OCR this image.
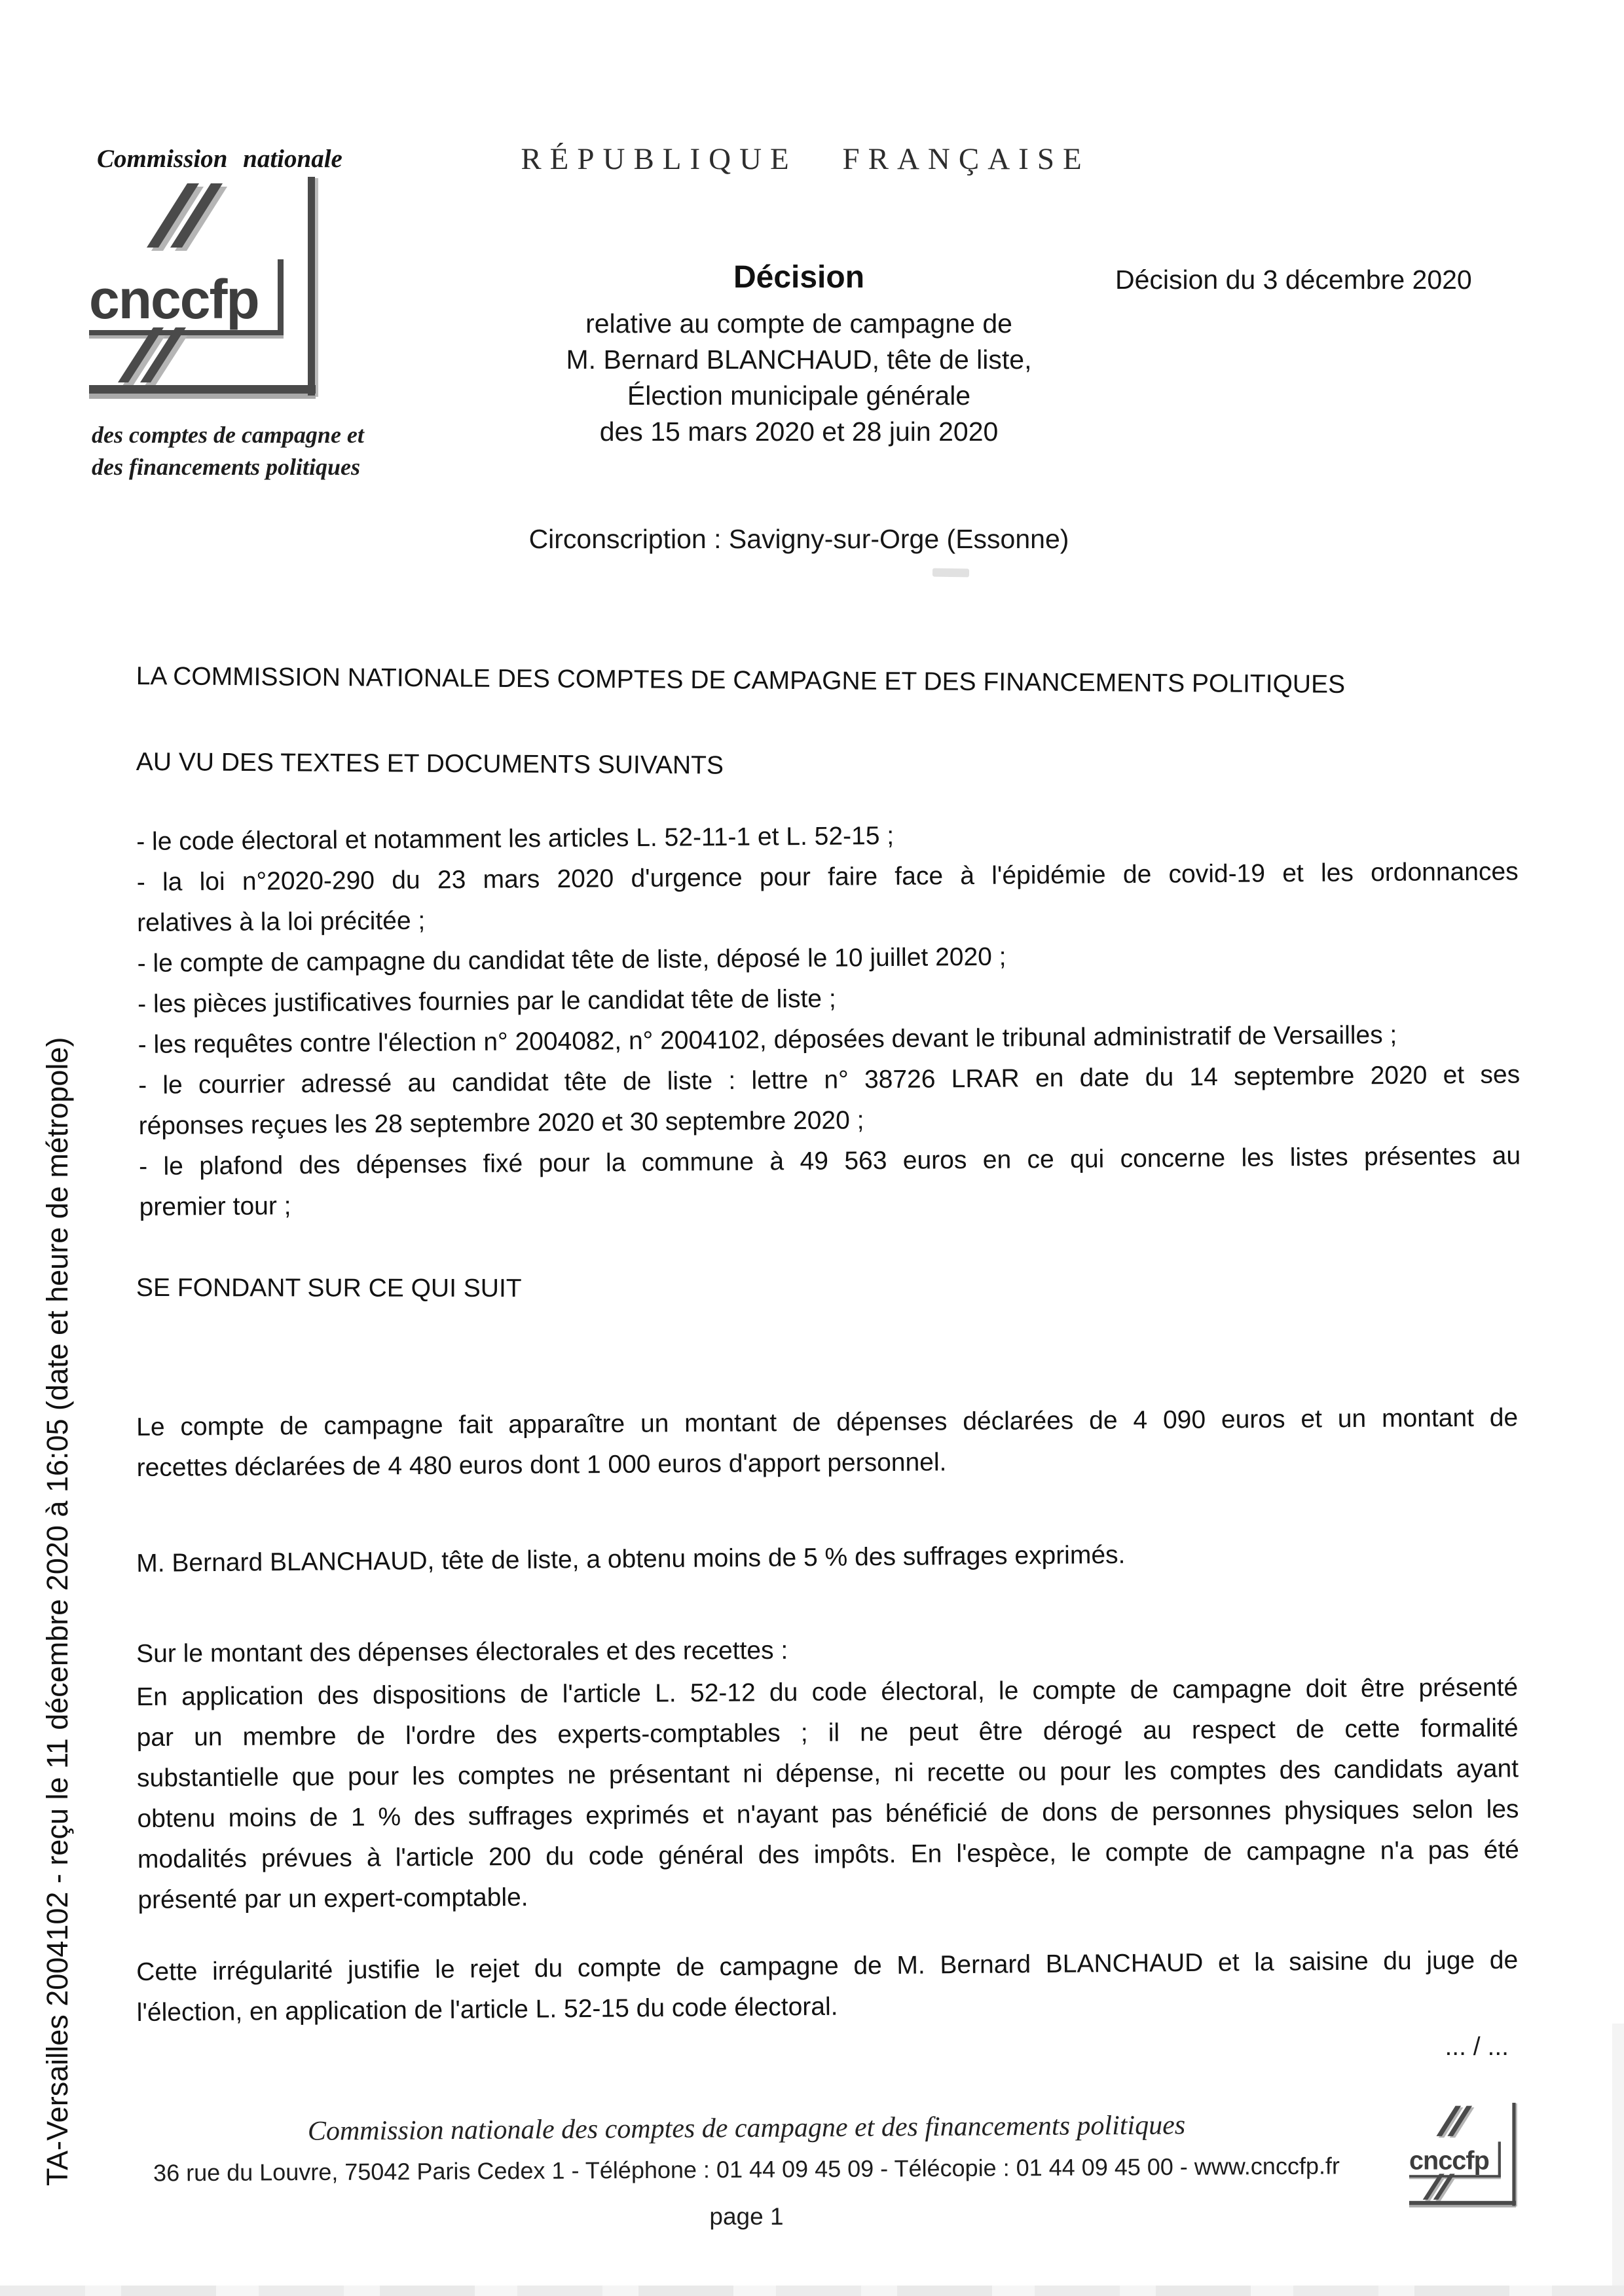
TA-Versailles 2004102 - reçu le 11 décembre 2020 à 16:05 (date et heure de métropole)
Commission nationale
cnccfp
des comptes de campagne et
des financements politiques
RÉPUBLIQUE FRANÇAISE
Décision
relative au compte de campagne de
M. Bernard BLANCHAUD, tête de liste,
Élection municipale générale
des 15 mars 2020 et 28 juin 2020
Décision du 3 décembre 2020
Circonscription : Savigny-sur-Orge (Essonne)
LA COMMISSION NATIONALE DES COMPTES DE CAMPAGNE ET DES FINANCEMENTS POLITIQUES
AU VU DES TEXTES ET DOCUMENTS SUIVANTS
- le code électoral et notamment les articles L. 52-11-1 et L. 52-15 ;
- la loi n°2020-290 du 23 mars 2020 d'urgence pour faire face à l'épidémie de covid-19 et les ordonnances
relatives à la loi précitée ;
- le compte de campagne du candidat tête de liste, déposé le 10 juillet 2020 ;
- les pièces justificatives fournies par le candidat tête de liste ;
- les requêtes contre l'élection n° 2004082, n° 2004102, déposées devant le tribunal administratif de Versailles ;
- le courrier adressé au candidat tête de liste : lettre n° 38726 LRAR en date du 14 septembre 2020 et ses
réponses reçues les 28 septembre 2020 et 30 septembre 2020 ;
- le plafond des dépenses fixé pour la commune à 49 563 euros en ce qui concerne les listes présentes au
premier tour ;
SE FONDANT SUR CE QUI SUIT
Le compte de campagne fait apparaître un montant de dépenses déclarées de 4 090 euros et un montant de
recettes déclarées de 4 480 euros dont 1 000 euros d'apport personnel.
M. Bernard BLANCHAUD, tête de liste, a obtenu moins de 5 % des suffrages exprimés.
Sur le montant des dépenses électorales et des recettes :
En application des dispositions de l'article L. 52-12 du code électoral, le compte de campagne doit être présenté
par un membre de l'ordre des experts-comptables ; il ne peut être dérogé au respect de cette formalité
substantielle que pour les comptes ne présentant ni dépense, ni recette ou pour les comptes des candidats ayant
obtenu moins de 1 % des suffrages exprimés et n'ayant pas bénéficié de dons de personnes physiques selon les
modalités prévues à l'article 200 du code général des impôts. En l'espèce, le compte de campagne n'a pas été
présenté par un expert-comptable.
Cette irrégularité justifie le rejet du compte de campagne de M. Bernard BLANCHAUD et la saisine du juge de
l'élection, en application de l'article L. 52-15 du code électoral.
... / ...
Commission nationale des comptes de campagne et des financements politiques
36 rue du Louvre, 75042 Paris Cedex 1 - Téléphone : 01 44 09 45 09 - Télécopie : 01 44 09 45 00 - www.cnccfp.fr
page 1
cnccfp
